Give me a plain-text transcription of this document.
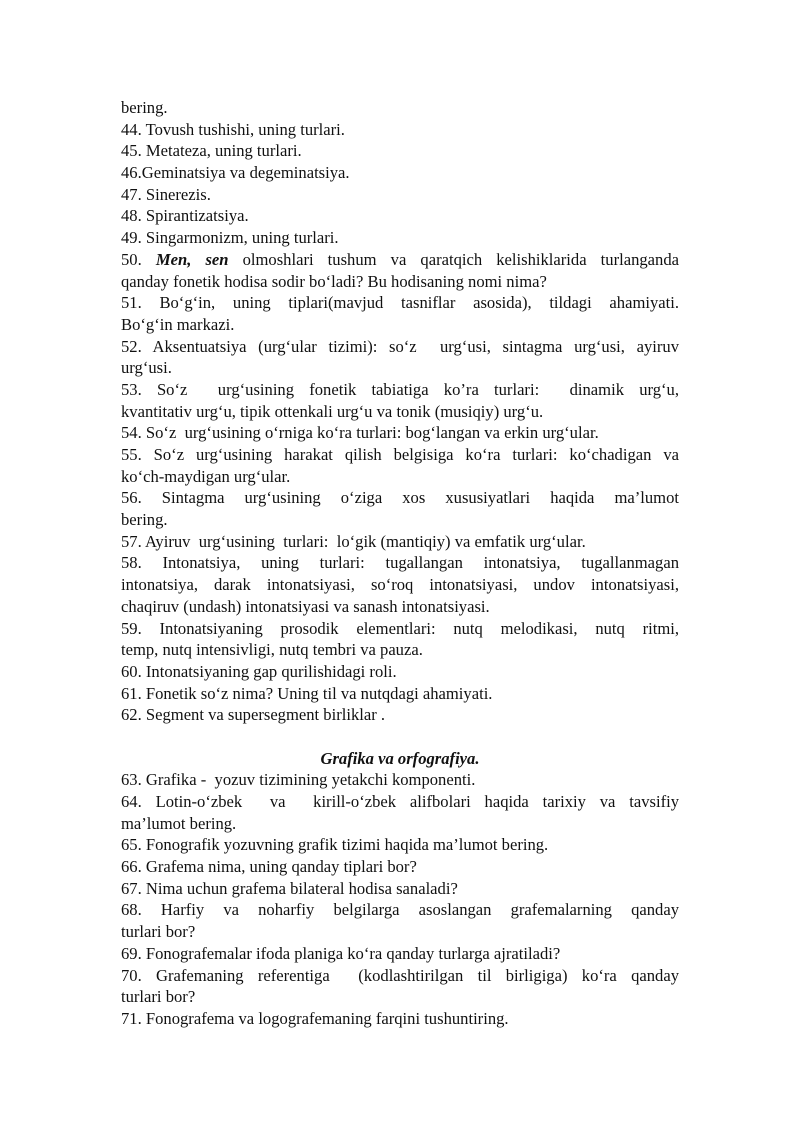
bering.
44. Tovush tushishi, uning turlari.
45. Metateza, uning turlari.
46.Geminatsiya va degeminatsiya.
47. Sinerezis.
48. Spirantizatsiya.
49. Singarmonizm, uning turlari.
50. Men, sen olmoshlari tushum va qaratqich kelishiklarida turlanganda
qanday fonetik hodisa sodir bo‘ladi? Bu hodisaning nomi nima?
51. Bo‘g‘in, uning tiplari(mavjud tasniflar asosida), tildagi ahamiyati.
Bo‘g‘in markazi.
52. Aksentuatsiya (urg‘ular tizimi): so‘z  urg‘usi, sintagma urg‘usi, ayiruv
urg‘usi.
53. So‘z  urg‘usining fonetik tabiatiga ko’ra turlari:  dinamik urg‘u,
kvantitativ urg‘u, tipik ottenkali urg‘u va tonik (musiqiy) urg‘u.
54. So‘z  urg‘usining o‘rniga ko‘ra turlari: bog‘langan va erkin urg‘ular.
55. So‘z urg‘usining harakat qilish belgisiga ko‘ra turlari: ko‘chadigan va
ko‘ch-maydigan urg‘ular.
56. Sintagma urg‘usining o‘ziga xos xususiyatlari haqida ma’lumot
bering.
57. Ayiruv  urg‘usining  turlari:  lo‘gik (mantiqiy) va emfatik urg‘ular.
58. Intonatsiya, uning turlari: tugallangan intonatsiya, tugallanmagan
intonatsiya, darak intonatsiyasi, so‘roq intonatsiyasi, undov intonatsiyasi,
chaqiruv (undash) intonatsiyasi va sanash intonatsiyasi.
59. Intonatsiyaning prosodik elementlari: nutq melodikasi, nutq ritmi,
temp, nutq intensivligi, nutq tembri va pauza.
60. Intonatsiyaning gap qurilishidagi roli.
61. Fonetik so‘z nima? Uning til va nutqdagi ahamiyati.
62. Segment va supersegment birliklar .
Grafika va orfografiya.
63. Grafika -  yozuv tizimining yetakchi komponenti.
64. Lotin-o‘zbek  va  kirill-o‘zbek alifbolari haqida tarixiy va tavsifiy
ma’lumot bering.
65. Fonografik yozuvning grafik tizimi haqida ma’lumot bering.
66. Grafema nima, uning qanday tiplari bor?
67. Nima uchun grafema bilateral hodisa sanaladi?
68. Harfiy va noharfiy belgilarga asoslangan grafemalarning qanday
turlari bor?
69. Fonografemalar ifoda planiga ko‘ra qanday turlarga ajratiladi?
70. Grafemaning referentiga  (kodlashtirilgan til birligiga) ko‘ra qanday
turlari bor?
71. Fonografema va logografemaning farqini tushuntiring.
